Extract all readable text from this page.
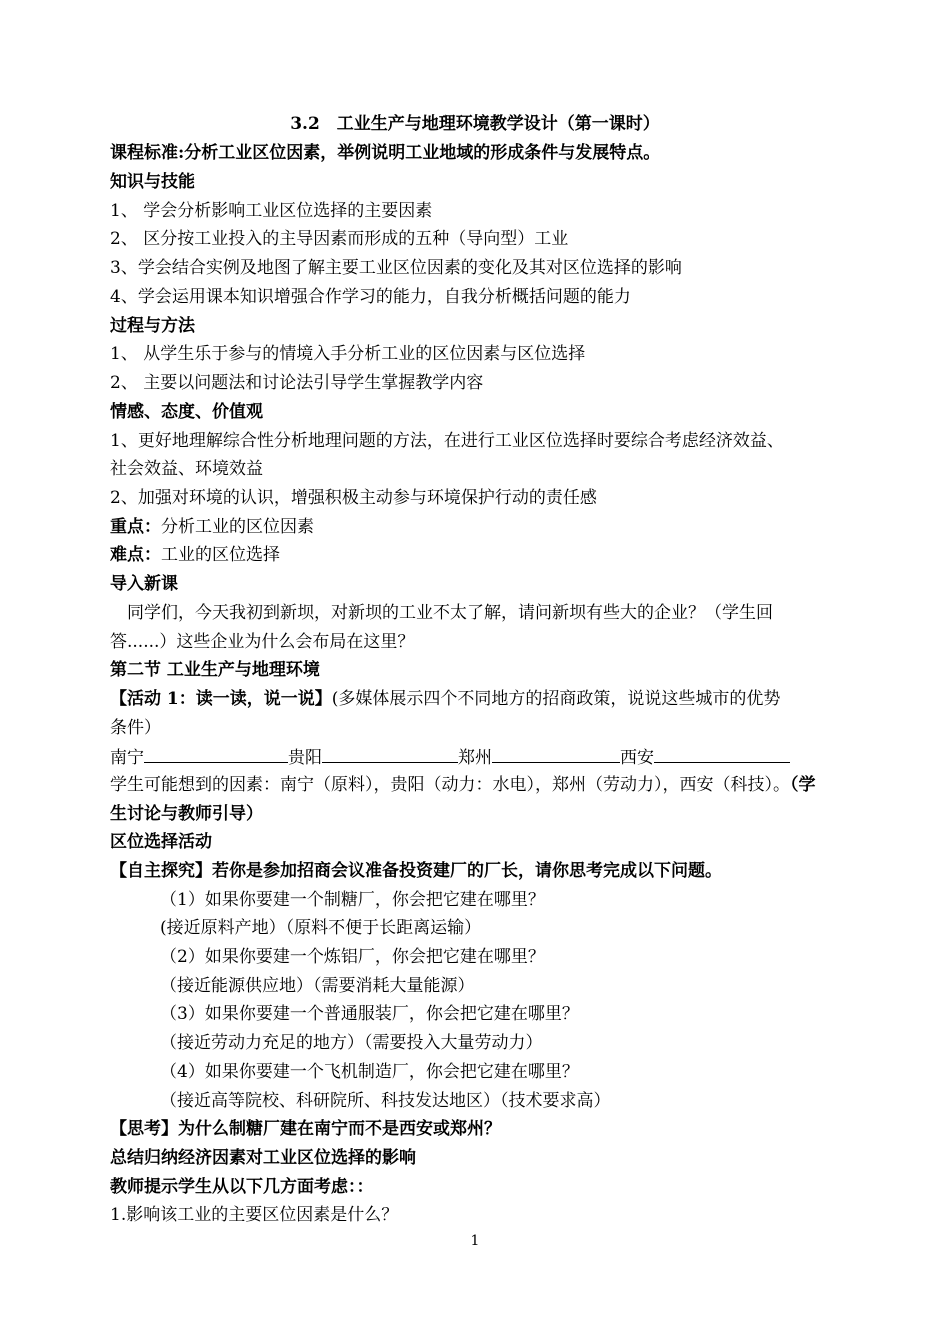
3.2　工业生产与地理环境教学设计（第一课时）
课程标准:分析工业区位因素，举例说明工业地域的形成条件与发展特点。
知识与技能
1、 学会分析影响工业区位选择的主要因素
2、 区分按工业投入的主导因素而形成的五种（导向型）工业
3、学会结合实例及地图了解主要工业区位因素的变化及其对区位选择的影响
4、学会运用课本知识增强合作学习的能力，自我分析概括问题的能力
过程与方法
1、 从学生乐于参与的情境入手分析工业的区位因素与区位选择
2、 主要以问题法和讨论法引导学生掌握教学内容
情感、态度、价值观
1、更好地理解综合性分析地理问题的方法，在进行工业区位选择时要综合考虑经济效益、
社会效益、环境效益
2、加强对环境的认识，增强积极主动参与环境保护行动的责任感
重点：分析工业的区位因素
难点：工业的区位选择
导入新课
　同学们，今天我初到新坝，对新坝的工业不太了解，请问新坝有些大的企业？（学生回
答......）这些企业为什么会布局在这里？
第二节 工业生产与地理环境
【活动 1：读一读，说一说】(多媒体展示四个不同地方的招商政策，说说这些城市的优势
条件）
南宁	贵阳	郑州	西安
学生可能想到的因素：南宁（原料），贵阳（动力：水电），郑州（劳动力），西安（科技）。（学
生讨论与教师引导）
区位选择活动
【自主探究】若你是参加招商会议准备投资建厂的厂长，请你思考完成以下问题。
（1）如果你要建一个制糖厂，你会把它建在哪里？
(接近原料产地）（原料不便于长距离运输）
（2）如果你要建一个炼铝厂，你会把它建在哪里？
（接近能源供应地）（需要消耗大量能源）
（3）如果你要建一个普通服装厂，你会把它建在哪里？
（接近劳动力充足的地方）（需要投入大量劳动力）
（4）如果你要建一个飞机制造厂，你会把它建在哪里？
（接近高等院校、科研院所、科技发达地区）（技术要求高）
【思考】为什么制糖厂建在南宁而不是西安或郑州？
总结归纳经济因素对工业区位选择的影响
教师提示学生从以下几方面考虑：：
1.影响该工业的主要区位因素是什么？
1
